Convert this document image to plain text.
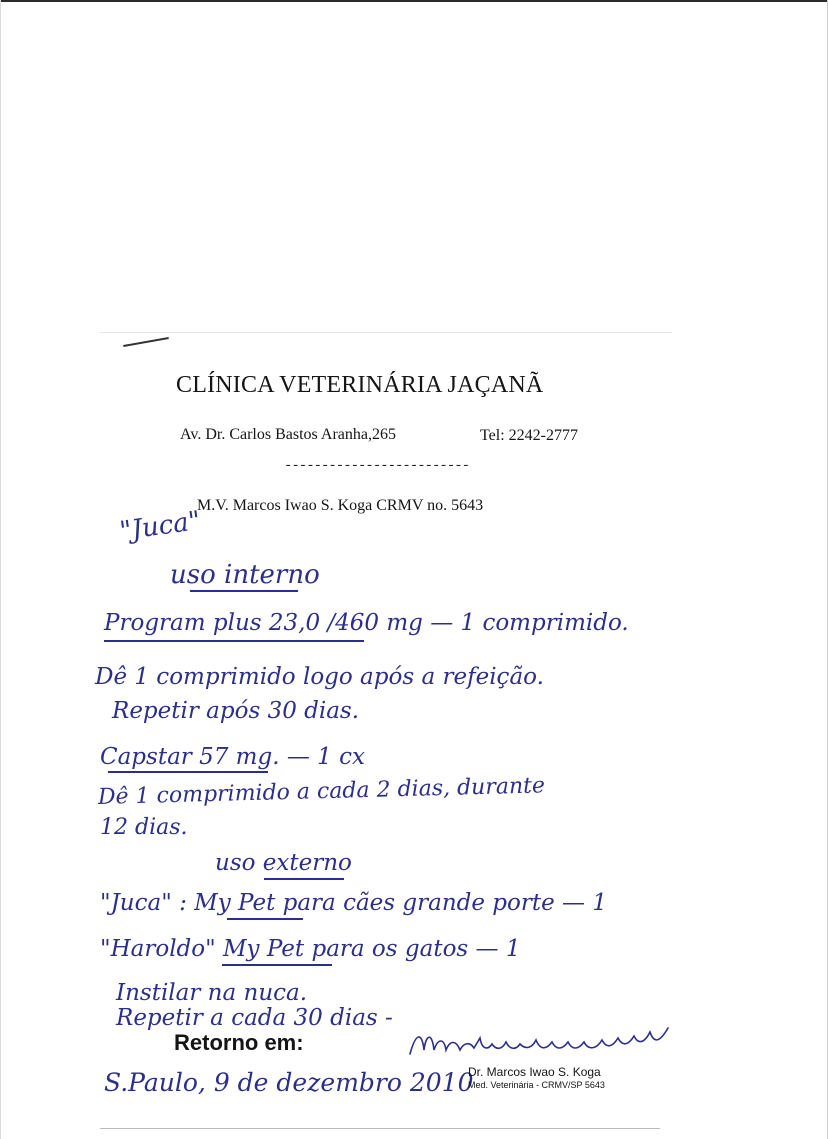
CLÍNICA VETERINÁRIA JAÇANÃ
Av. Dr. Carlos Bastos Aranha,265	Tel: 2242-2777
-------------------------
M.V. Marcos Iwao S. Koga CRMV no. 5643
"Juca"
uso interno
Program plus 23,0 /460 mg — 1 comprimido.
Dê 1 comprimido logo após a refeição.
Repetir após 30 dias.
Capstar 57 mg. — 1 cx
Dê 1 comprimido a cada 2 dias, durante
12 dias.
uso externo
"Juca" : My Pet para cães grande porte — 1
"Haroldo" My Pet para os gatos — 1
Instilar na nuca.
Repetir a cada 30 dias -
Retorno em:
S.Paulo, 9 de dezembro 2010
Dr. Marcos Iwao S. Koga
Med. Veterinária - CRMV/SP 5643
